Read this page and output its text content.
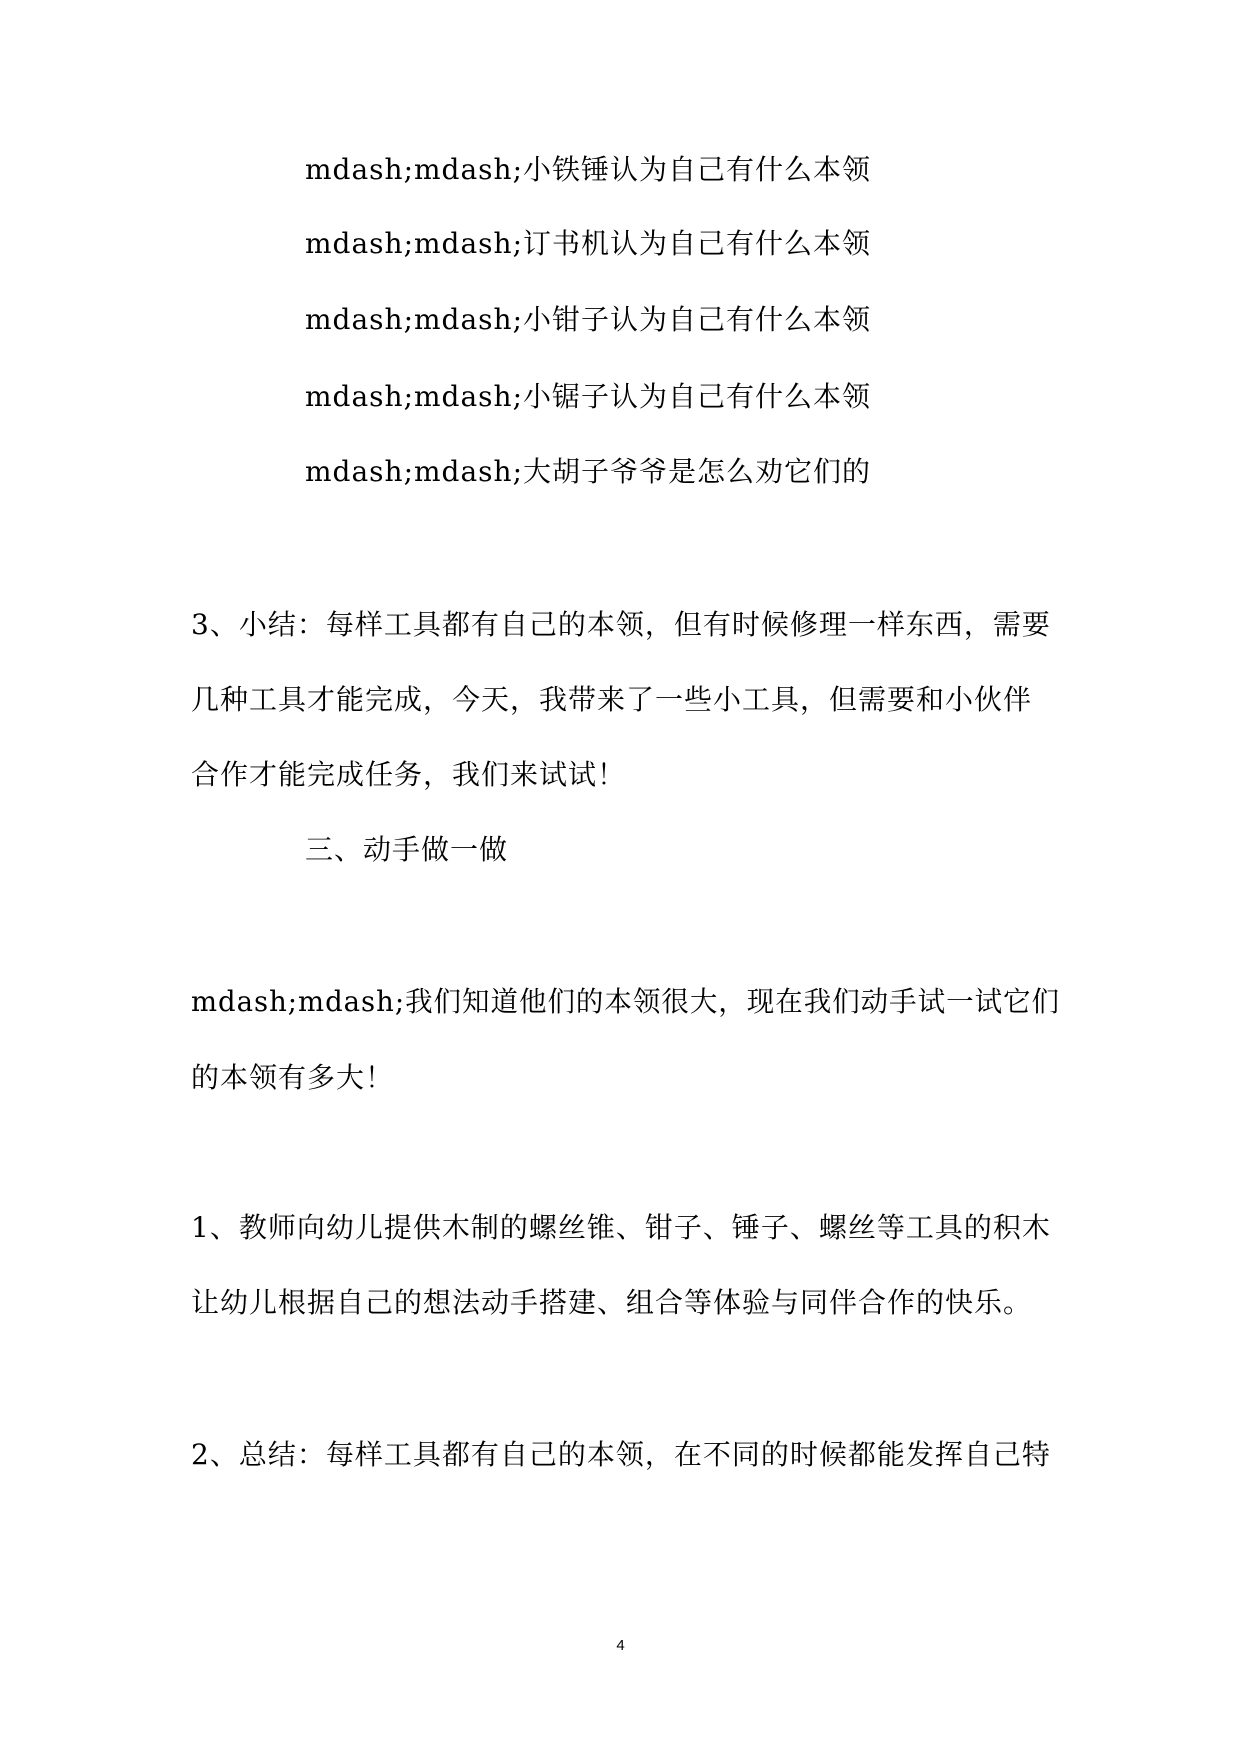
mdash;mdash;小铁锤认为自己有什么本领

mdash;mdash;订书机认为自己有什么本领

mdash;mdash;小钳子认为自己有什么本领

mdash;mdash;小锯子认为自己有什么本领

mdash;mdash;大胡子爷爷是怎么劝它们的

3、小结：每样工具都有自己的本领，但有时候修理一样东西，需要

几种工具才能完成，今天，我带来了一些小工具，但需要和小伙伴

合作才能完成任务，我们来试试！

三、动手做一做

mdash;mdash;我们知道他们的本领很大，现在我们动手试一试它们

的本领有多大！

1、教师向幼儿提供木制的螺丝锥、钳子、锤子、螺丝等工具的积木

让幼儿根据自己的想法动手搭建、组合等体验与同伴合作的快乐。

2、总结：每样工具都有自己的本领，在不同的时候都能发挥自己特

4
